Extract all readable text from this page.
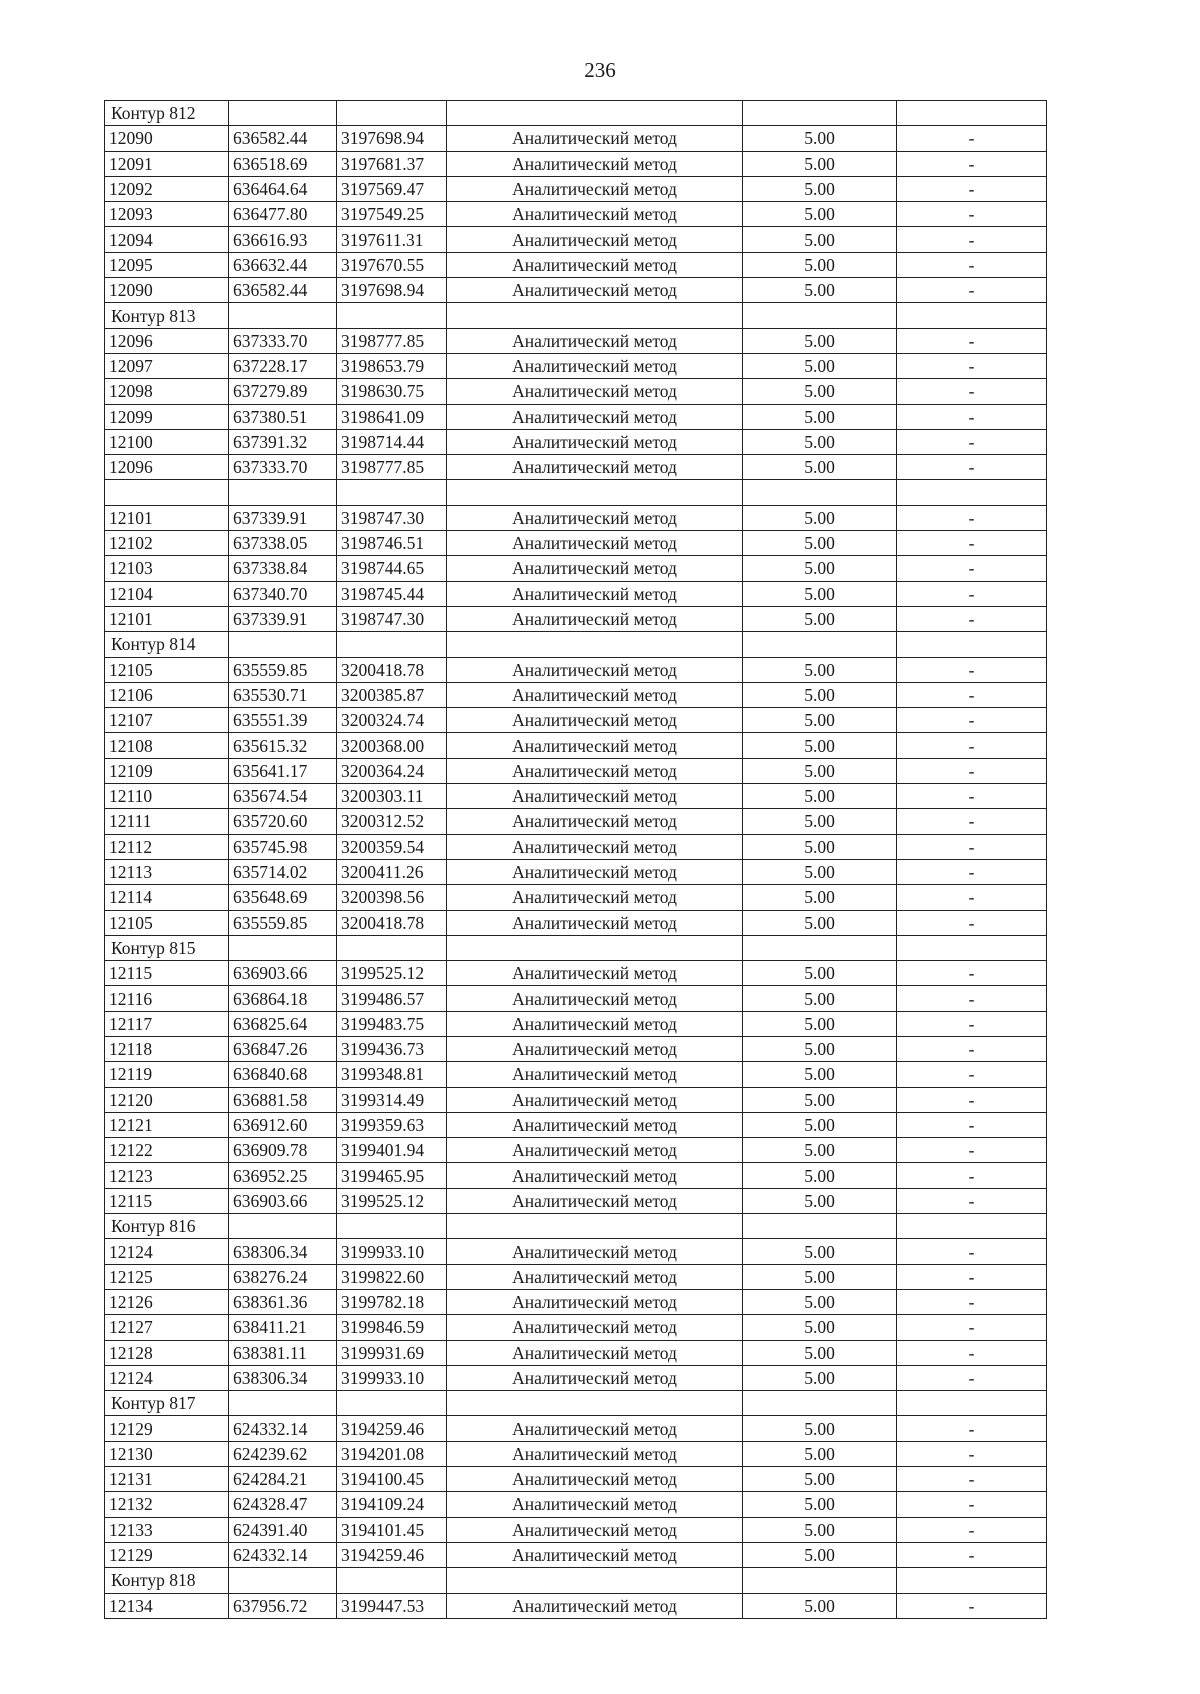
236
Контур 812					
12090	636582.44	3197698.94	Аналитический метод	5.00	-
12091	636518.69	3197681.37	Аналитический метод	5.00	-
12092	636464.64	3197569.47	Аналитический метод	5.00	-
12093	636477.80	3197549.25	Аналитический метод	5.00	-
12094	636616.93	3197611.31	Аналитический метод	5.00	-
12095	636632.44	3197670.55	Аналитический метод	5.00	-
12090	636582.44	3197698.94	Аналитический метод	5.00	-
Контур 813					
12096	637333.70	3198777.85	Аналитический метод	5.00	-
12097	637228.17	3198653.79	Аналитический метод	5.00	-
12098	637279.89	3198630.75	Аналитический метод	5.00	-
12099	637380.51	3198641.09	Аналитический метод	5.00	-
12100	637391.32	3198714.44	Аналитический метод	5.00	-
12096	637333.70	3198777.85	Аналитический метод	5.00	-

12101	637339.91	3198747.30	Аналитический метод	5.00	-
12102	637338.05	3198746.51	Аналитический метод	5.00	-
12103	637338.84	3198744.65	Аналитический метод	5.00	-
12104	637340.70	3198745.44	Аналитический метод	5.00	-
12101	637339.91	3198747.30	Аналитический метод	5.00	-
Контур 814					
12105	635559.85	3200418.78	Аналитический метод	5.00	-
12106	635530.71	3200385.87	Аналитический метод	5.00	-
12107	635551.39	3200324.74	Аналитический метод	5.00	-
12108	635615.32	3200368.00	Аналитический метод	5.00	-
12109	635641.17	3200364.24	Аналитический метод	5.00	-
12110	635674.54	3200303.11	Аналитический метод	5.00	-
12111	635720.60	3200312.52	Аналитический метод	5.00	-
12112	635745.98	3200359.54	Аналитический метод	5.00	-
12113	635714.02	3200411.26	Аналитический метод	5.00	-
12114	635648.69	3200398.56	Аналитический метод	5.00	-
12105	635559.85	3200418.78	Аналитический метод	5.00	-
Контур 815					
12115	636903.66	3199525.12	Аналитический метод	5.00	-
12116	636864.18	3199486.57	Аналитический метод	5.00	-
12117	636825.64	3199483.75	Аналитический метод	5.00	-
12118	636847.26	3199436.73	Аналитический метод	5.00	-
12119	636840.68	3199348.81	Аналитический метод	5.00	-
12120	636881.58	3199314.49	Аналитический метод	5.00	-
12121	636912.60	3199359.63	Аналитический метод	5.00	-
12122	636909.78	3199401.94	Аналитический метод	5.00	-
12123	636952.25	3199465.95	Аналитический метод	5.00	-
12115	636903.66	3199525.12	Аналитический метод	5.00	-
Контур 816					
12124	638306.34	3199933.10	Аналитический метод	5.00	-
12125	638276.24	3199822.60	Аналитический метод	5.00	-
12126	638361.36	3199782.18	Аналитический метод	5.00	-
12127	638411.21	3199846.59	Аналитический метод	5.00	-
12128	638381.11	3199931.69	Аналитический метод	5.00	-
12124	638306.34	3199933.10	Аналитический метод	5.00	-
Контур 817					
12129	624332.14	3194259.46	Аналитический метод	5.00	-
12130	624239.62	3194201.08	Аналитический метод	5.00	-
12131	624284.21	3194100.45	Аналитический метод	5.00	-
12132	624328.47	3194109.24	Аналитический метод	5.00	-
12133	624391.40	3194101.45	Аналитический метод	5.00	-
12129	624332.14	3194259.46	Аналитический метод	5.00	-
Контур 818					
12134	637956.72	3199447.53	Аналитический метод	5.00	-
